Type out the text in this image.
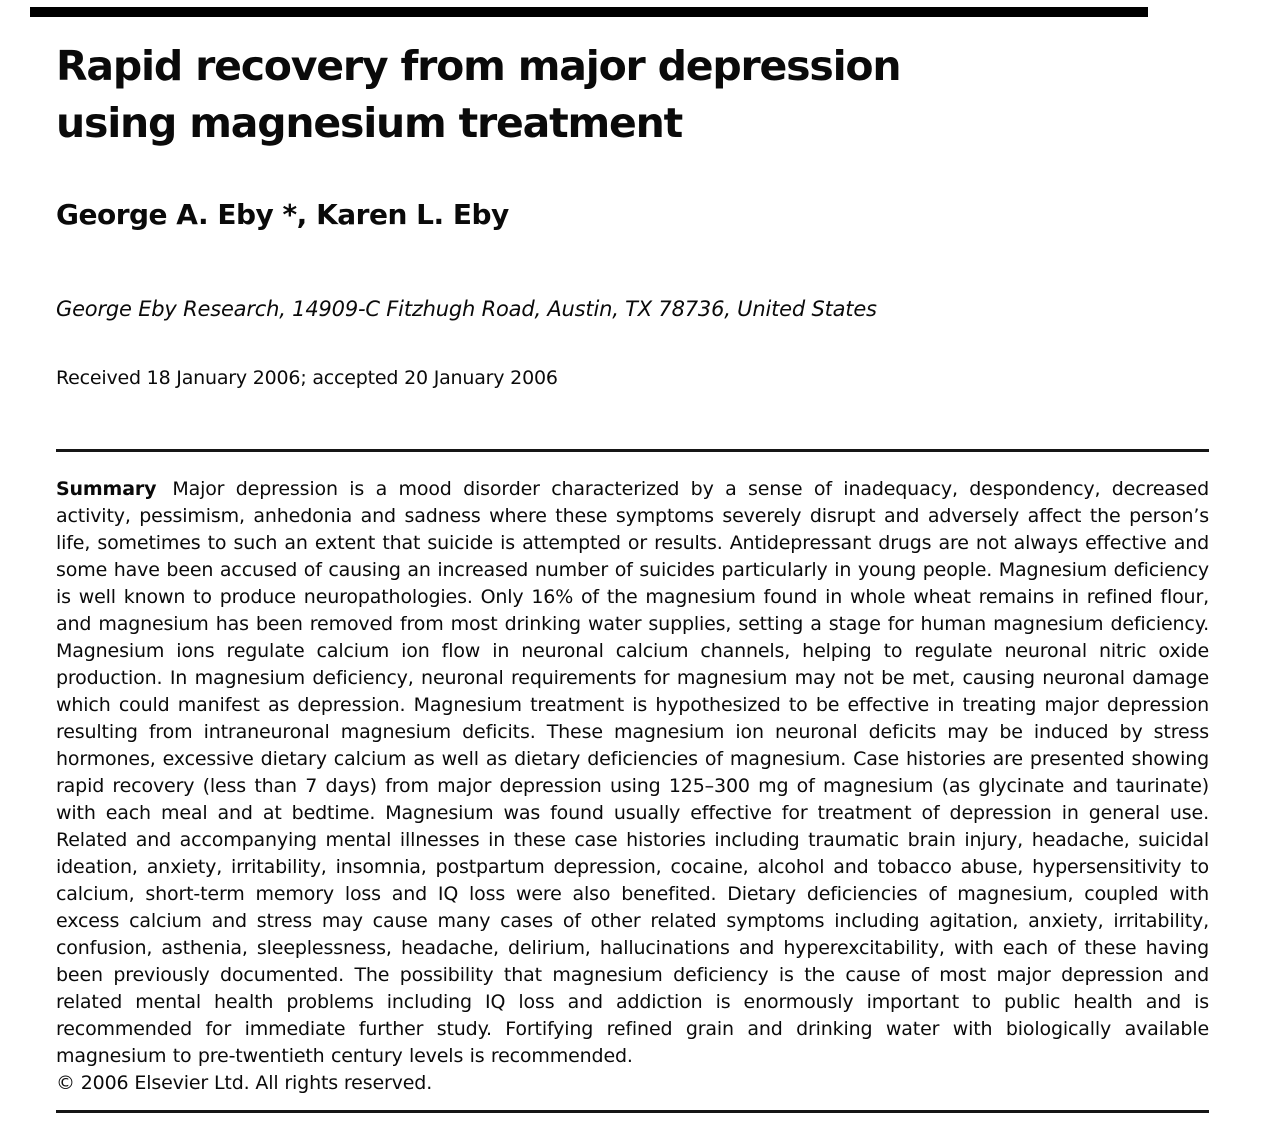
Rapid recovery from major depression
using magnesium treatment
George A. Eby *, Karen L. Eby
George Eby Research, 14909-C Fitzhugh Road, Austin, TX 78736, United States
Received 18 January 2006; accepted 20 January 2006

Summary Major depression is a mood disorder characterized by a sense of inadequacy, despondency, decreased activity, pessimism, anhedonia and sadness where these symptoms severely disrupt and adversely affect the person’s life, sometimes to such an extent that suicide is attempted or results. Antidepressant drugs are not always effective and some have been accused of causing an increased number of suicides particularly in young people. Magnesium deficiency is well known to produce neuropathologies. Only 16% of the magnesium found in whole wheat remains in refined flour, and magnesium has been removed from most drinking water supplies, setting a stage for human magnesium deficiency. Magnesium ions regulate calcium ion flow in neuronal calcium channels, helping to regulate neuronal nitric oxide production. In magnesium deficiency, neuronal requirements for magnesium may not be met, causing neuronal damage which could manifest as depression. Magnesium treatment is hypothesized to be effective in treating major depression resulting from intraneuronal magnesium deficits. These magnesium ion neuronal deficits may be induced by stress hormones, excessive dietary calcium as well as dietary deficiencies of magnesium. Case histories are presented showing rapid recovery (less than 7 days) from major depression using 125–300 mg of magnesium (as glycinate and taurinate) with each meal and at bedtime. Magnesium was found usually effective for treatment of depression in general use. Related and accompanying mental illnesses in these case histories including traumatic brain injury, headache, suicidal ideation, anxiety, irritability, insomnia, postpartum depression, cocaine, alcohol and tobacco abuse, hypersensitivity to calcium, short-term memory loss and IQ loss were also benefited. Dietary deficiencies of magnesium, coupled with excess calcium and stress may cause many cases of other related symptoms including agitation, anxiety, irritability, confusion, asthenia, sleeplessness, headache, delirium, hallucinations and hyperexcitability, with each of these having been previously documented. The possibility that magnesium deficiency is the cause of most major depression and related mental health problems including IQ loss and addiction is enormously important to public health and is recommended for immediate further study. Fortifying refined grain and drinking water with biologically available magnesium to pre-twentieth century levels is recommended.

© 2006 Elsevier Ltd. All rights reserved.
